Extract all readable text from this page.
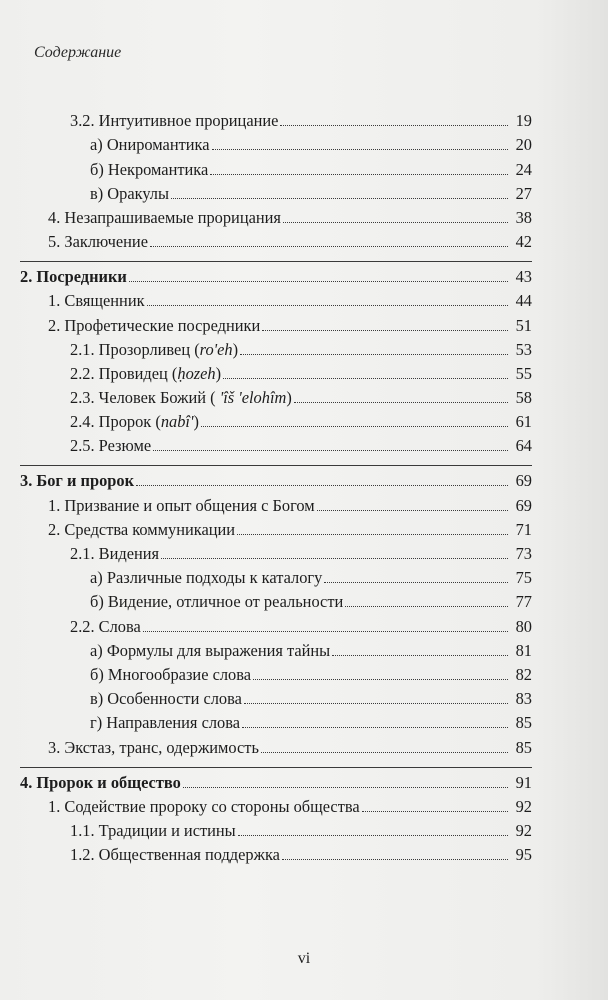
Содержание
3.2. Интуитивное прорицание	19
а) Ониромантика	20
б) Некромантика	24
в) Оракулы	27
4. Незапрашиваемые прорицания	38
5. Заключение	42
2. Посредники	43
1. Священник	44
2. Профетические посредники	51
2.1. Прозорливец (ro'eh)	53
2.2. Провидец (ḥozeh)	55
2.3. Человек Божий ( 'îš 'elohîm)	58
2.4. Пророк (nabî')	61
2.5. Резюме	64
3. Бог и пророк	69
1. Призвание и опыт общения с Богом	69
2. Средства коммуникации	71
2.1. Видения	73
а) Различные подходы к каталогу	75
б) Видение, отличное от реальности	77
2.2. Слова	80
а) Формулы для выражения тайны	81
б) Многообразие слова	82
в) Особенности слова	83
г) Направления слова	85
3. Экстаз, транс, одержимость	85
4. Пророк и общество	91
1. Содействие пророку со стороны общества	92
1.1. Традиции и истины	92
1.2. Общественная поддержка	95
vi
